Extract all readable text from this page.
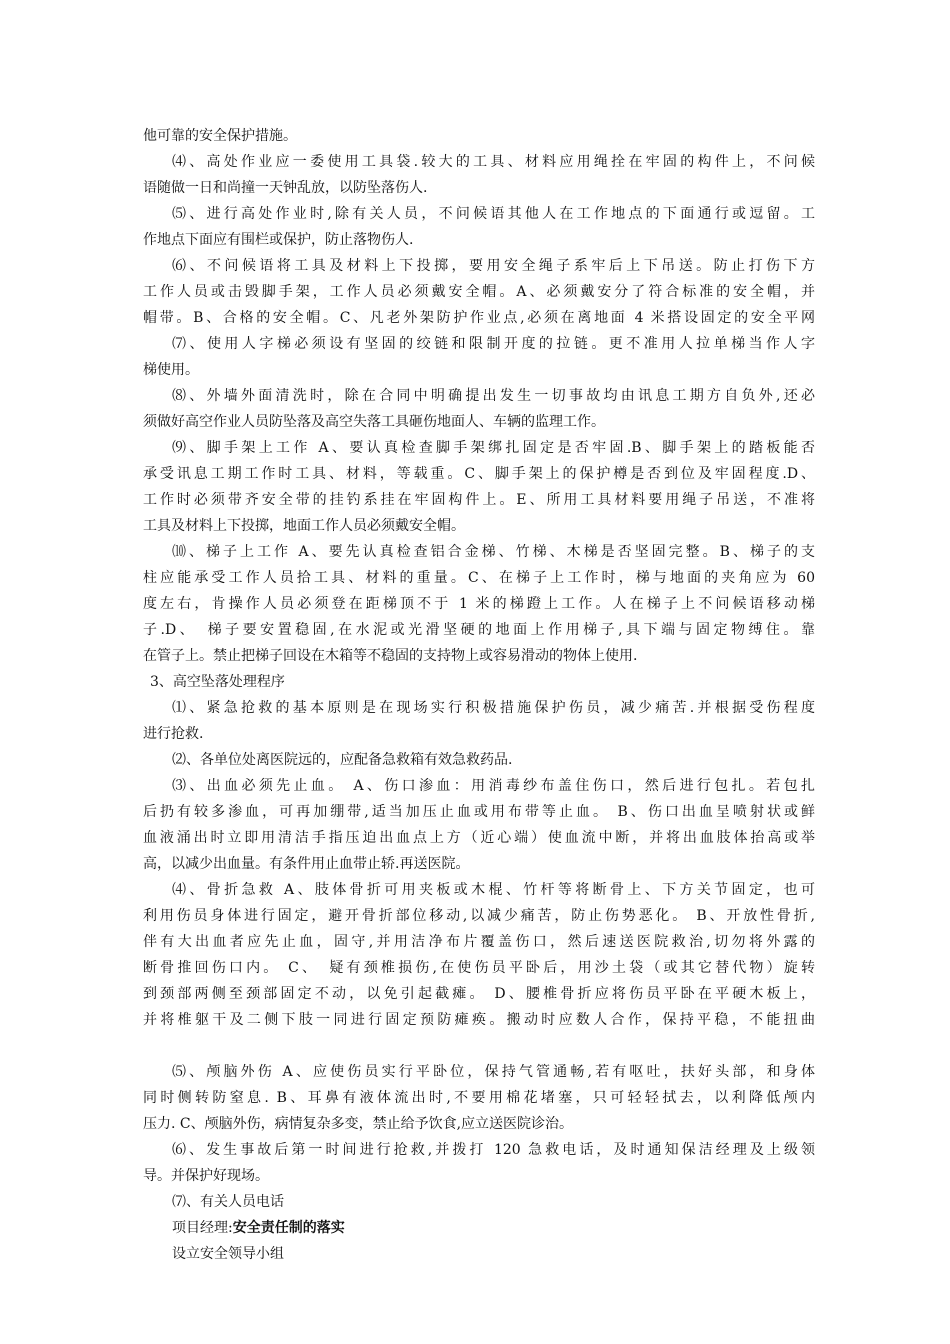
他可靠的安全保护措施。
⑷、高处作业应一委使用工具袋.较大的工具、材料应用绳拴在牢固的构件上，不问候
语随做一日和尚撞一天钟乱放，以防坠落伤人.
⑸、进行高处作业时,除有关人员，不问候语其他人在工作地点的下面通行或逗留。工
作地点下面应有围栏或保护，防止落物伤人.
⑹、不问候语将工具及材料上下投掷，要用安全绳子系牢后上下吊送。防止打伤下方
工作人员或击毁脚手架，工作人员必须戴安全帽。A、必须戴安分了符合标准的安全帽，并
帽带。B、合格的安全帽。C、凡老外架防护作业点,必须在离地面 4 米搭设固定的安全平网
⑺、使用人字梯必须设有坚固的绞链和限制开度的拉链。更不准用人拉单梯当作人字
梯使用。
⑻、外墙外面清洗时，除在合同中明确提出发生一切事故均由讯息工期方自负外,还必
须做好高空作业人员防坠落及高空失落工具砸伤地面人、车辆的监理工作。
⑼、脚手架上工作 A、要认真检查脚手架绑扎固定是否牢固.B、脚手架上的踏板能否
承受讯息工期工作时工具、材料，等载重。C、脚手架上的保护樽是否到位及牢固程度.D、
工作时必须带齐安全带的挂钓系挂在牢固构件上。E、所用工具材料要用绳子吊送，不准将
工具及材料上下投掷，地面工作人员必须戴安全帽。
⑽、梯子上工作 A、要先认真检查铝合金梯、竹梯、木梯是否坚固完整。B、梯子的支
柱应能承受工作人员拾工具、材料的重量。C、在梯子上工作时，梯与地面的夹角应为 60
度左右，肯操作人员必须登在距梯顶不于 1 米的梯蹬上工作。人在梯子上不问候语移动梯
子.D、　梯子要安置稳固,在水泥或光滑坚硬的地面上作用梯子,具下端与固定物缚住。靠
在管子上。禁止把梯子回设在木箱等不稳固的支持物上或容易滑动的物体上使用.
3、高空坠落处理程序
⑴、紧急抢救的基本原则是在现场实行积极措施保护伤员，减少痛苦.并根据受伤程度
进行抢救.
⑵、各单位处离医院远的，应配备急救箱有效急救药品.
⑶、出血必须先止血。 A、伤口渗血：用消毒纱布盖住伤口，然后进行包扎。若包扎
后扔有较多渗血，可再加绷带,适当加压止血或用布带等止血。 B、伤口出血呈喷射状或鲜
血液涌出时立即用清洁手指压迫出血点上方（近心端）使血流中断，并将出血肢体抬高或举
高，以减少出血量。有条件用止血带止轿.再送医院。
⑷、骨折急救 A、肢体骨折可用夹板或木棍、竹杆等将断骨上、下方关节固定，也可
利用伤员身体进行固定，避开骨折部位移动,以减少痛苦，防止伤势恶化。 B、开放性骨折,
伴有大出血者应先止血，固守,并用洁净布片覆盖伤口，然后速送医院救治,切勿将外露的
断骨推回伤口内。 C、　疑有颈椎损伤,在使伤员平卧后，用沙土袋（或其它替代物）旋转
到颈部两侧至颈部固定不动，以免引起截瘫。 D、腰椎骨折应将伤员平卧在平硬木板上，
并将椎躯干及二侧下肢一同进行固定预防瘫痪。搬动时应数人合作，保持平稳，不能扭曲
⑸、颅脑外伤 A、应使伤员实行平卧位，保持气管通畅,若有呕吐，扶好头部，和身体
同时侧转防窒息. B、耳鼻有液体流出时,不要用棉花堵塞，只可轻轻拭去，以利降低颅内
压力. C、颅脑外伤，病情复杂多变，禁止给予饮食,应立送医院诊治。
⑹、发生事故后第一时间进行抢救,并拨打 120 急救电话，及时通知保洁经理及上级领
导。并保护好现场。
⑺、有关人员电话
项目经理:安全责任制的落实
设立安全领导小组
